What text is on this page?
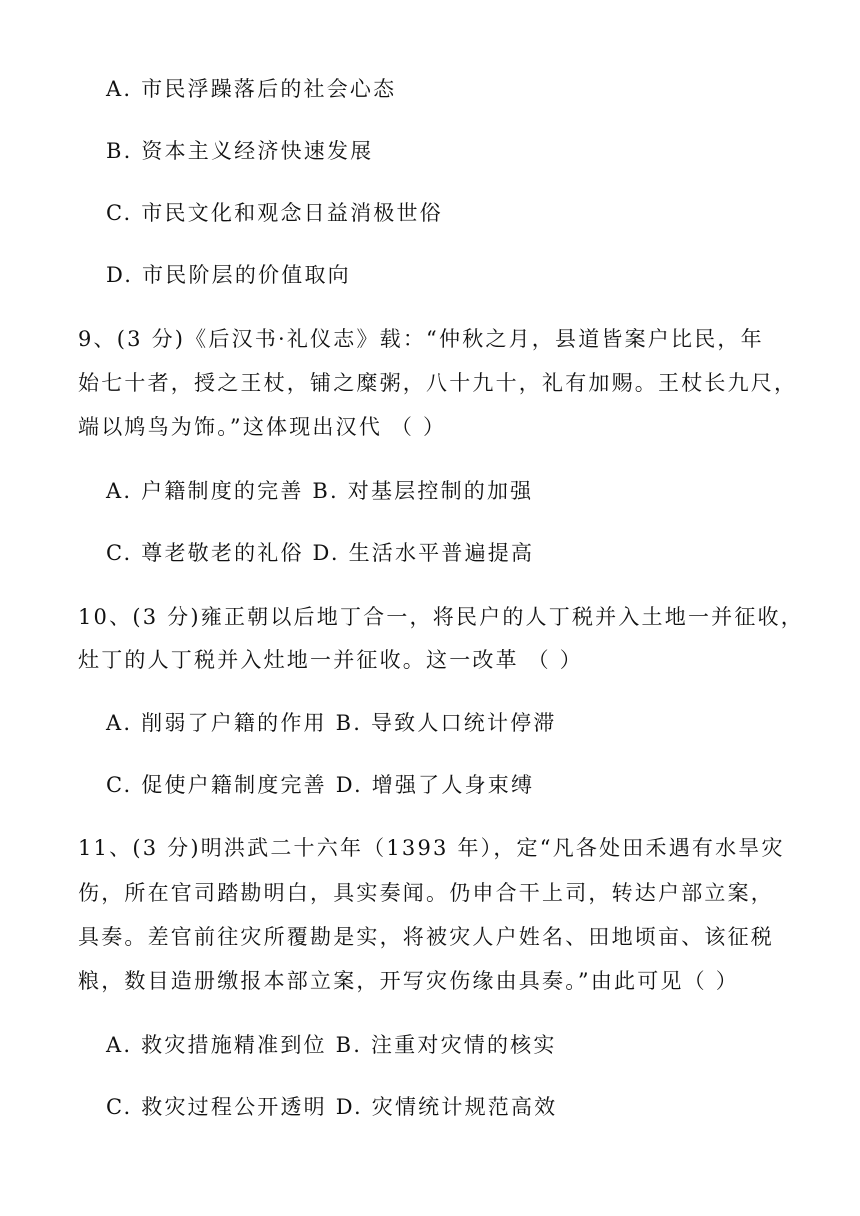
A. 市民浮躁落后的社会心态
B. 资本主义经济快速发展
C. 市民文化和观念日益消极世俗
D. 市民阶层的价值取向
9、(3 分)《后汉书·礼仪志》载：“仲秋之月，县道皆案户比民，年
始七十者，授之王杖，铺之糜粥，八十九十，礼有加赐。王杖长九尺，
端以鸠鸟为饰。”这体现出汉代 （ ）
A. 户籍制度的完善 B. 对基层控制的加强
C. 尊老敬老的礼俗 D. 生活水平普遍提高
10、(3 分)雍正朝以后地丁合一，将民户的人丁税并入土地一并征收，
灶丁的人丁税并入灶地一并征收。这一改革 （ ）
A. 削弱了户籍的作用 B. 导致人口统计停滞
C. 促使户籍制度完善 D. 增强了人身束缚
11、(3 分)明洪武二十六年（1393 年），定“凡各处田禾遇有水旱灾
伤，所在官司踏勘明白，具实奏闻。仍申合干上司，转达户部立案，
具奏。差官前往灾所覆勘是实，将被灾人户姓名、田地顷亩、该征税
粮，数目造册缴报本部立案，开写灾伤缘由具奏。”由此可见（ ）
A. 救灾措施精准到位 B. 注重对灾情的核实
C. 救灾过程公开透明 D. 灾情统计规范高效
